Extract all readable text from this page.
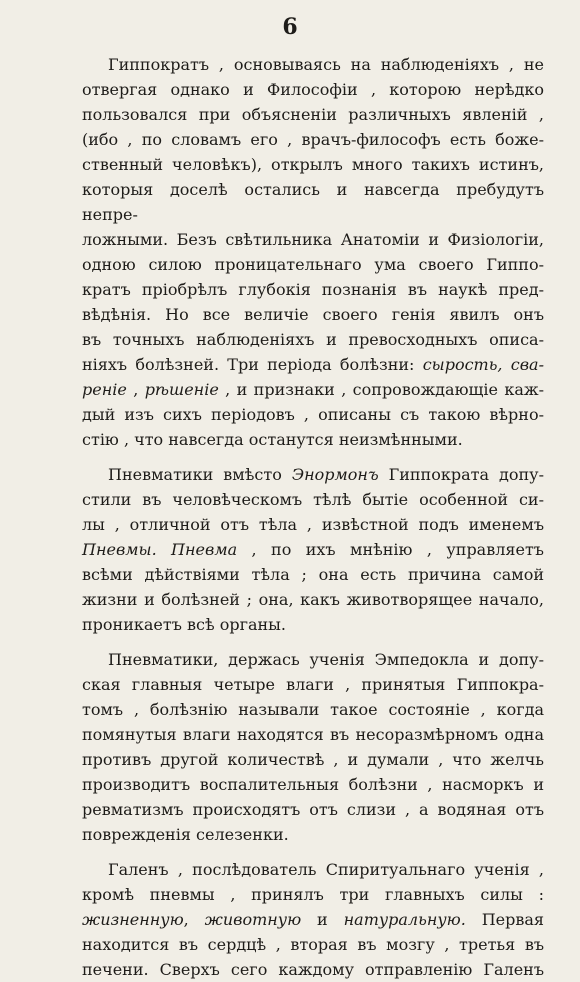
6

Гиппократъ , основываясь на наблюденіяхъ , не
отвергая однако и Философіи , которою нерѣдко
пользовался при объясненіи различныхъ явленій ,
(ибо , по словамъ его , врачъ-философъ есть боже-
ственный человѣкъ), открылъ много такихъ истинъ,
которыя доселѣ остались и навсегда пребудутъ непре-
ложными. Безъ свѣтильника Анатоміи и Физіологіи,
одною силою проницательнаго ума своего Гиппо-
кратъ пріобрѣлъ глубокія познанія въ наукѣ пред-
вѣдѣнія. Но все величіе своего генія явилъ онъ
въ точныхъ наблюденіяхъ и превосходныхъ описа-
ніяхъ болѣзней. Три періода болѣзни: сырость, сва-
реніе , рѣшеніе , и признаки , сопровождающіе каж-
дый изъ сихъ періодовъ , описаны съ такою вѣрно-
стію , что навсегда останутся неизмѣнными.

Пневматики вмѣсто Энормонъ Гиппократа допу-
стили въ человѣческомъ тѣлѣ бытіе особенной си-
лы , отличной отъ тѣла , извѣстной подъ именемъ
Пневмы. Пневма , по ихъ мнѣнію , управляетъ
всѣми дѣйствіями тѣла ; она есть причина самой
жизни и болѣзней ; она, какъ животворящее начало,
проникаетъ всѣ органы.

Пневматики, держась ученія Эмпедокла и допу-
ская главныя четыре влаги , принятыя Гиппокра-
томъ , болѣзнію называли такое состояніе , когда
помянутыя влаги находятся въ несоразмѣрномъ одна
противъ другой количествѣ , и думали , что желчь
производитъ воспалительныя болѣзни , насморкъ и
ревматизмъ происходятъ отъ слизи , а водяная отъ
поврежденія селезенки.

Галенъ , послѣдователь Спиритуальнаго ученія ,
кромѣ пневмы , принялъ три главныхъ силы :
жизненную, животную и натуральную. Первая
находится въ сердцѣ , вторая въ мозгу , третья въ
печени. Сверхъ сего каждому отправленію Галенъ
